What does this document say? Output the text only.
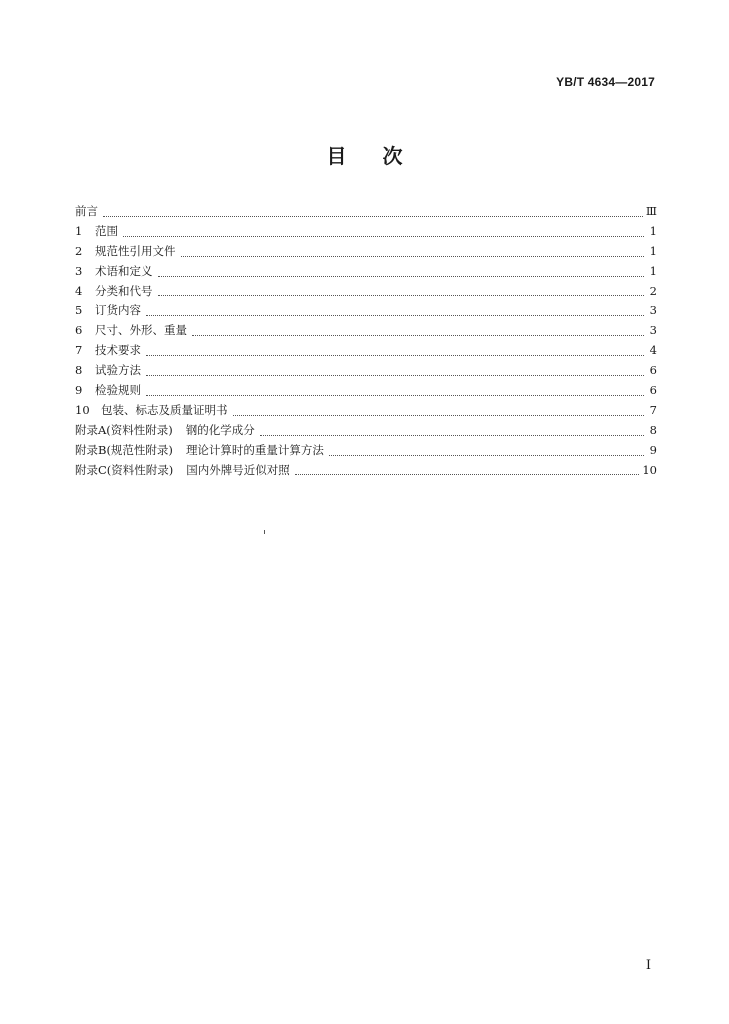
YB/T 4634—2017
目 次
前言	Ⅲ
1	范围	1
2	规范性引用文件	1
3	术语和定义	1
4	分类和代号	2
5	订货内容	3
6	尺寸、外形、重量	3
7	技术要求	4
8	试验方法	6
9	检验规则	6
10 包装、标志及质量证明书	7
附录A(资料性附录) 钢的化学成分	8
附录B(规范性附录) 理论计算时的重量计算方法	9
附录C(资料性附录) 国内外牌号近似对照	10
I
